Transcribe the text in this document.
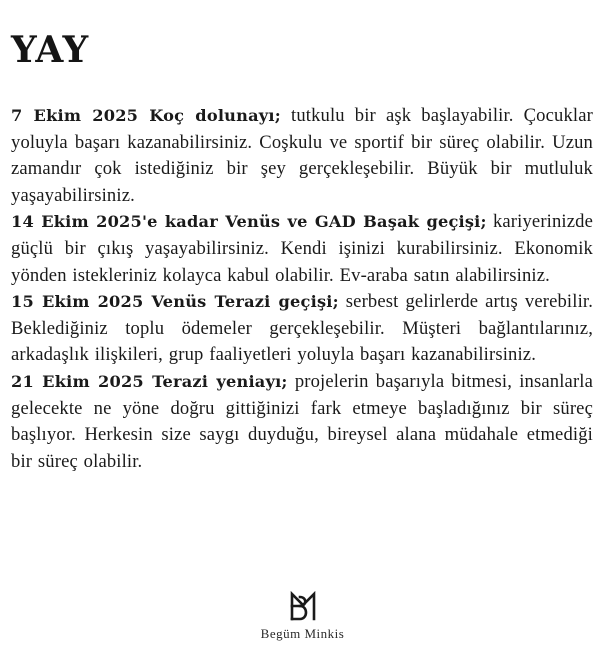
YAY

7 Ekim 2025 Koç dolunayı; tutkulu bir aşk başlayabilir. Çocuklar yoluyla başarı kazanabilirsiniz. Coşkulu ve sportif bir süreç olabilir. Uzun zamandır çok istediğiniz bir şey gerçekleşebilir. Büyük bir mutluluk yaşayabilirsiniz.

14 Ekim 2025'e kadar Venüs ve GAD Başak geçişi; kariyerinizde güçlü bir çıkış yaşayabilirsiniz. Kendi işinizi kurabilirsiniz. Ekonomik yönden istekleriniz kolayca kabul olabilir. Ev-araba satın alabilirsiniz.

15 Ekim 2025 Venüs Terazi geçişi; serbest gelirlerde artış verebilir. Beklediğiniz toplu ödemeler gerçekleşebilir. Müşteri bağlantılarınız, arkadaşlık ilişkileri, grup faaliyetleri yoluyla başarı kazanabilirsiniz.

21 Ekim 2025 Terazi yeniayı; projelerin başarıyla bitmesi, insanlarla gelecekte ne yöne doğru gittiğinizi fark etmeye başladığınız bir süreç başlıyor. Herkesin size saygı duyduğu, bireysel alana müdahale etmediği bir süreç olabilir.

Begüm Minkis
